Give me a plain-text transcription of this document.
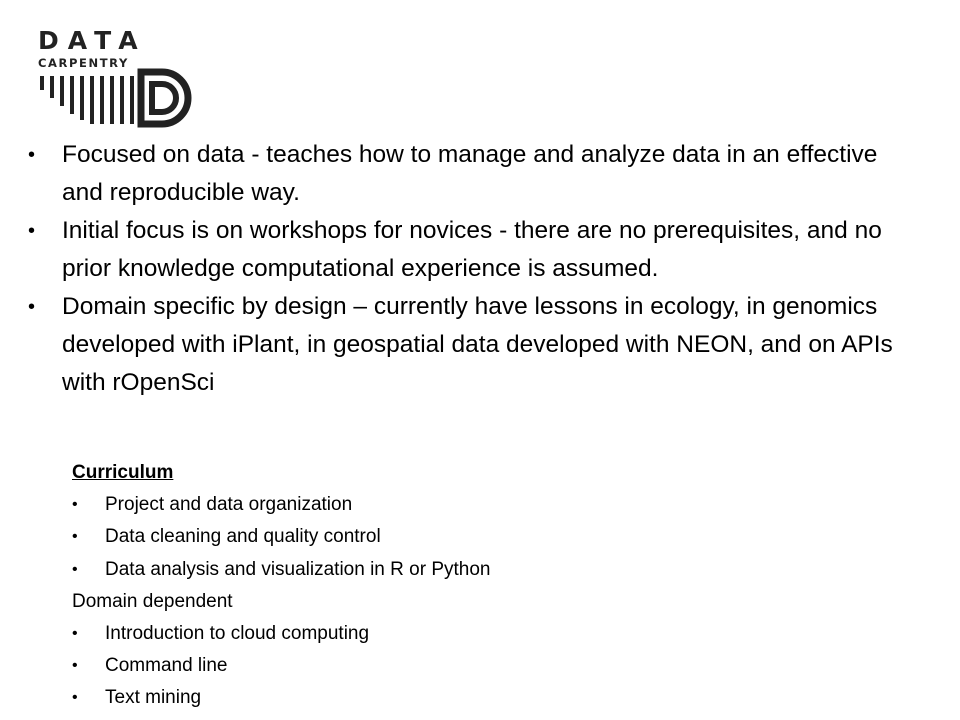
DATA
CARPENTRY
• Focused on data - teaches how to manage and analyze data in an effective and reproducible way.
• Initial focus is on workshops for novices - there are no prerequisites, and no prior knowledge computational experience is assumed.
• Domain specific by design – currently have lessons in ecology, in genomics developed with iPlant, in geospatial data developed with NEON, and on APIs with rOpenSci
Curriculum
• Project and data organization
• Data cleaning and quality control
• Data analysis and visualization in R or Python
Domain dependent
• Introduction to cloud computing
• Command line
• Text mining
